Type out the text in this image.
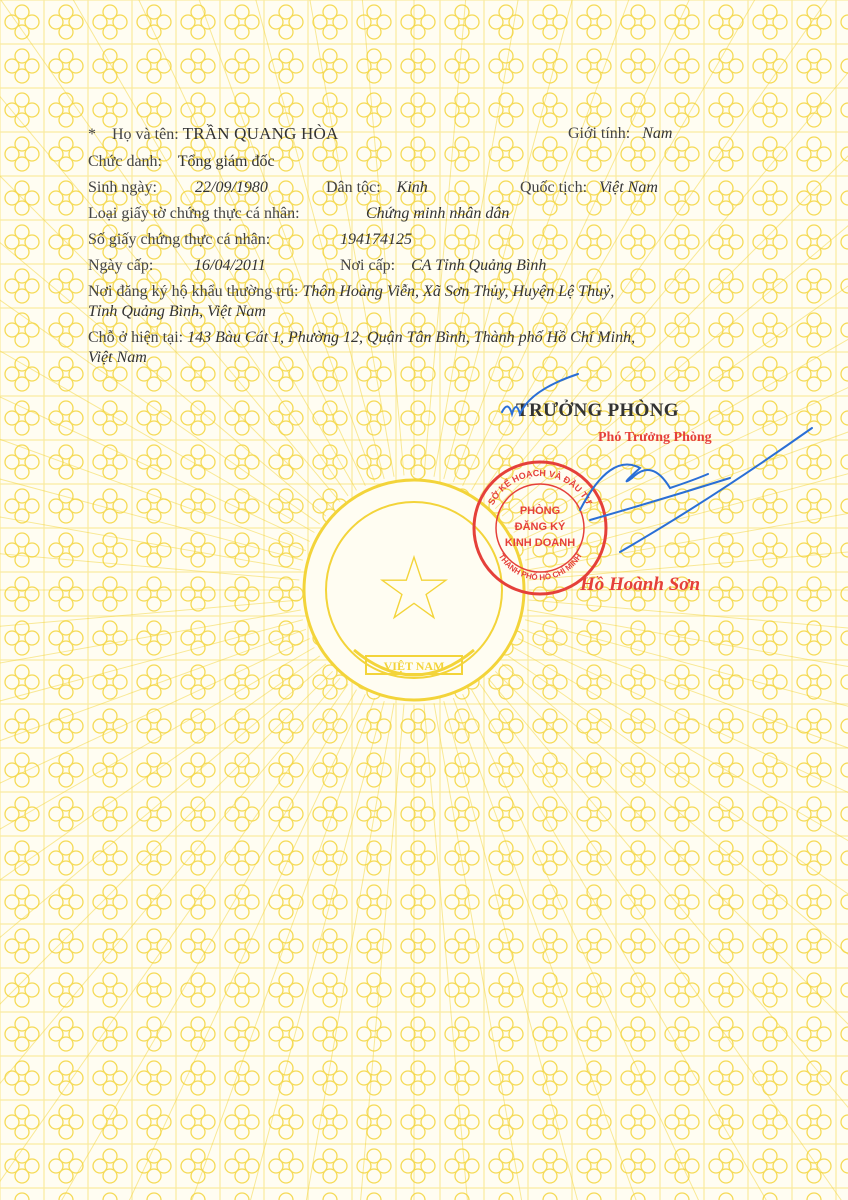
VIỆT NAM
*    Họ và tên: TRẦN QUANG HÒA	Giới tính: Nam
Chức danh: Tổng giám đốc
Sinh ngày: 22/09/1980	Dân tộc: Kinh	Quốc tịch: Việt Nam
Loại giấy tờ chứng thực cá nhân:	Chứng minh nhân dân
Số giấy chứng thực cá nhân:	194174125
Ngày cấp:	16/04/2011	Nơi cấp: CA Tỉnh Quảng Bình
Nơi đăng ký hộ khẩu thường trú: Thôn Hoàng Viễn, Xã Sơn Thủy, Huyện Lệ Thuỷ,
Tỉnh Quảng Bình, Việt Nam
Chỗ ở hiện tại: 143 Bàu Cát 1, Phường 12, Quận Tân Bình, Thành phố Hồ Chí Minh,
Việt Nam
TRƯỞNG PHÒNG
Phó Trưởng Phòng
Hồ Hoành Sơn
SỞ KẾ HOẠCH VÀ ĐẦU TƯ
THÀNH PHỐ HỒ CHÍ MINH
PHÒNG
ĐĂNG KÝ
KINH DOANH
